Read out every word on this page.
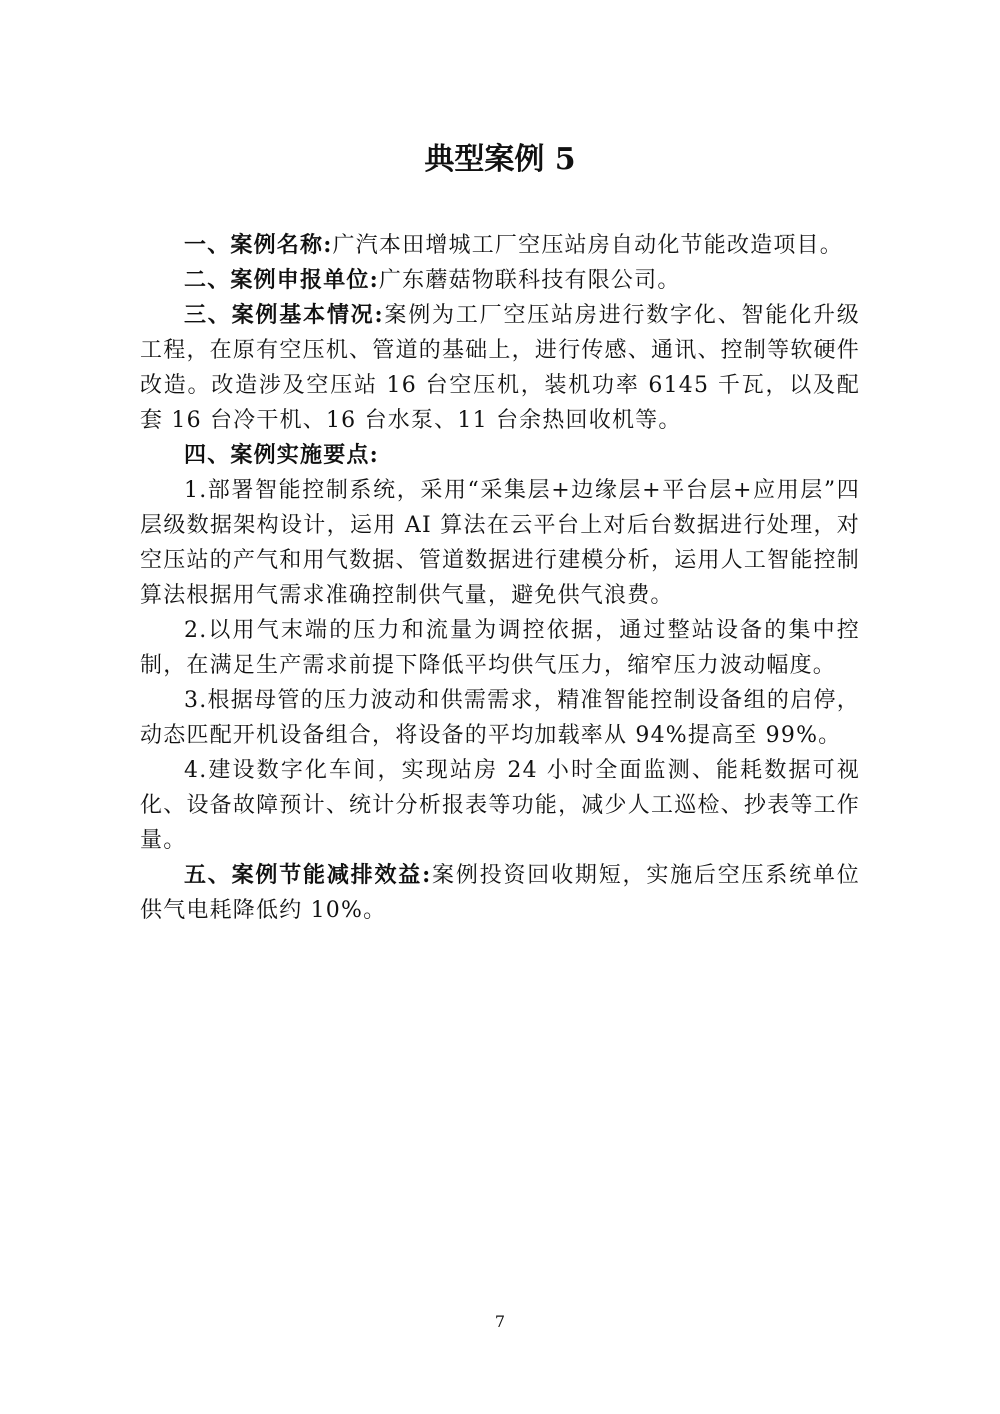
典型案例 5

一、案例名称:广汽本田增城工厂空压站房自动化节能改造项目。

二、案例申报单位:广东蘑菇物联科技有限公司。

三、案例基本情况:案例为工厂空压站房进行数字化、智能化升级工程，在原有空压机、管道的基础上，进行传感、通讯、控制等软硬件改造。改造涉及空压站 16 台空压机，装机功率 6145 千瓦，以及配套 16 台冷干机、16 台水泵、11 台余热回收机等。

四、案例实施要点:

1.部署智能控制系统，采用“采集层+边缘层+平台层+应用层”四层级数据架构设计，运用 AI 算法在云平台上对后台数据进行处理，对空压站的产气和用气数据、管道数据进行建模分析，运用人工智能控制算法根据用气需求准确控制供气量，避免供气浪费。

2.以用气末端的压力和流量为调控依据，通过整站设备的集中控制，在满足生产需求前提下降低平均供气压力，缩窄压力波动幅度。

3.根据母管的压力波动和供需需求，精准智能控制设备组的启停，动态匹配开机设备组合，将设备的平均加载率从 94%提高至 99%。

4.建设数字化车间，实现站房 24 小时全面监测、能耗数据可视化、设备故障预计、统计分析报表等功能，减少人工巡检、抄表等工作量。

五、案例节能减排效益:案例投资回收期短，实施后空压系统单位供气电耗降低约 10%。

7
